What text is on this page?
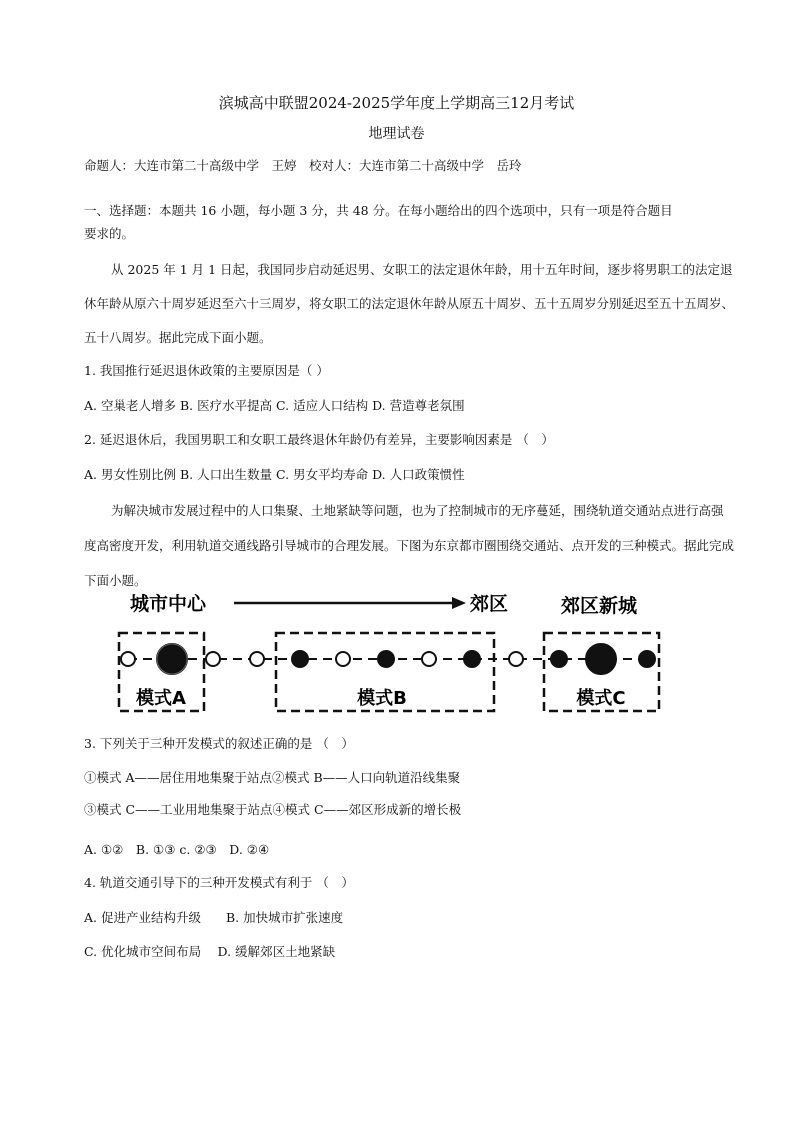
滨城高中联盟2024-2025学年度上学期高三12月考试
地理试卷
命题人：大连市第二十高级中学　王婷　校对人：大连市第二十高级中学　岳玲
一、选择题：本题共 16 小题，每小题 3 分，共 48 分。在每小题给出的四个选项中，只有一项是符合题目
要求的。
从 2025 年 1 月 1 日起，我国同步启动延迟男、女职工的法定退休年龄，用十五年时间，逐步将男职工的法定退
休年龄从原六十周岁延迟至六十三周岁，将女职工的法定退休年龄从原五十周岁、五十五周岁分别延迟至五十五周岁、
五十八周岁。据此完成下面小题。
1. 我国推行延迟退休政策的主要原因是（ ）
A. 空巢老人增多 B. 医疗水平提高 C. 适应人口结构 D. 营造尊老氛围
2. 延迟退休后，我国男职工和女职工最终退休年龄仍有差异，主要影响因素是 （　）
A. 男女性别比例 B. 人口出生数量 C. 男女平均寿命 D. 人口政策惯性
为解决城市发展过程中的人口集聚、土地紧缺等问题，也为了控制城市的无序蔓延，围绕轨道交通站点进行高强
度高密度开发，利用轨道交通线路引导城市的合理发展。下图为东京都市圈围绕交通站、点开发的三种模式。据此完成
下面小题。
城市中心	郊区	郊区新城
模式A	模式B	模式C
3. 下列关于三种开发模式的叙述正确的是 （　）
①模式 A——居住用地集聚于站点②模式 B——人口向轨道沿线集聚
③模式 C——工业用地集聚于站点④模式 C——郊区形成新的增长极
A. ①②　B. ①③ c. ②③　D. ②④
4. 轨道交通引导下的三种开发模式有利于 （　）
A. 促进产业结构升级　　B. 加快城市扩张速度
C. 优化城市空间布局　 D. 缓解郊区土地紧缺
